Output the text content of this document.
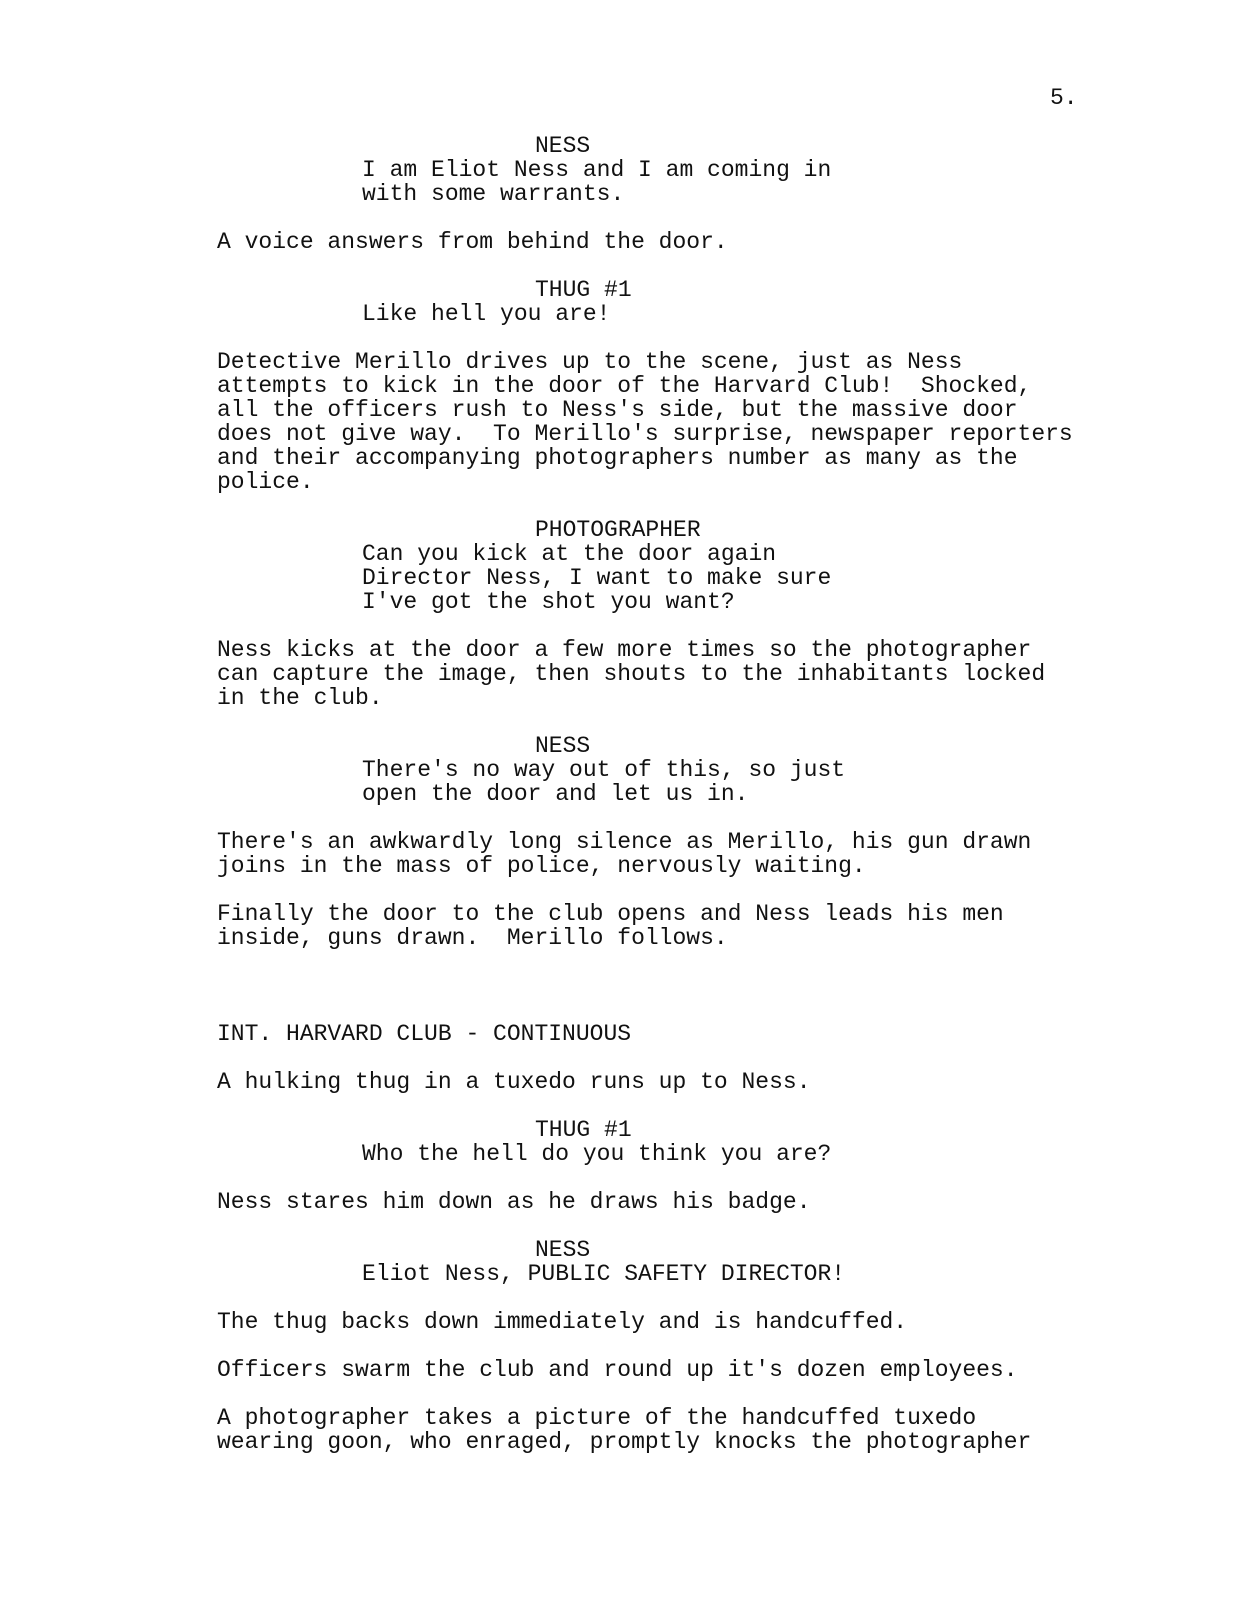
5.
NESS
I am Eliot Ness and I am coming in
with some warrants.
A voice answers from behind the door.
THUG #1
Like hell you are!
Detective Merillo drives up to the scene, just as Ness
attempts to kick in the door of the Harvard Club!  Shocked,
all the officers rush to Ness's side, but the massive door
does not give way.  To Merillo's surprise, newspaper reporters
and their accompanying photographers number as many as the
police.
PHOTOGRAPHER
Can you kick at the door again
Director Ness, I want to make sure
I've got the shot you want?
Ness kicks at the door a few more times so the photographer
can capture the image, then shouts to the inhabitants locked
in the club.
NESS
There's no way out of this, so just
open the door and let us in.
There's an awkwardly long silence as Merillo, his gun drawn
joins in the mass of police, nervously waiting.
Finally the door to the club opens and Ness leads his men
inside, guns drawn.  Merillo follows.
INT. HARVARD CLUB - CONTINUOUS
A hulking thug in a tuxedo runs up to Ness.
THUG #1
Who the hell do you think you are?
Ness stares him down as he draws his badge.
NESS
Eliot Ness, PUBLIC SAFETY DIRECTOR!
The thug backs down immediately and is handcuffed.
Officers swarm the club and round up it's dozen employees.
A photographer takes a picture of the handcuffed tuxedo
wearing goon, who enraged, promptly knocks the photographer
